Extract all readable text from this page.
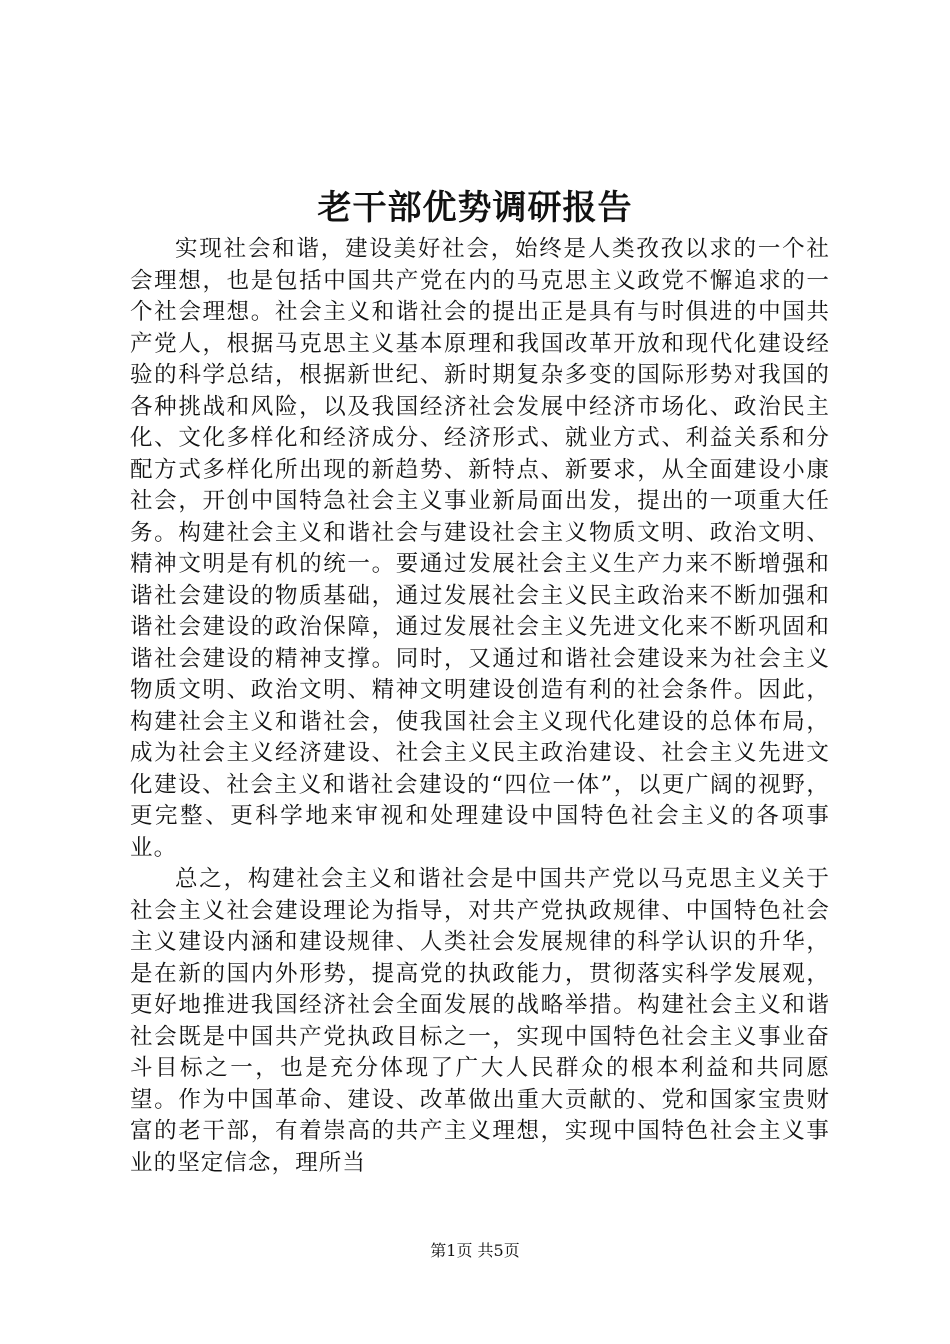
老干部优势调研报告

实现社会和谐，建设美好社会，始终是人类孜孜以求的一个社会理想，也是包括中国共产党在内的马克思主义政党不懈追求的一个社会理想。社会主义和谐社会的提出正是具有与时俱进的中国共产党人，根据马克思主义基本原理和我国改革开放和现代化建设经验的科学总结，根据新世纪、新时期复杂多变的国际形势对我国的各种挑战和风险，以及我国经济社会发展中经济市场化、政治民主化、文化多样化和经济成分、经济形式、就业方式、利益关系和分配方式多样化所出现的新趋势、新特点、新要求，从全面建设小康社会，开创中国特急社会主义事业新局面出发，提出的一项重大任务。构建社会主义和谐社会与建设社会主义物质文明、政治文明、精神文明是有机的统一。要通过发展社会主义生产力来不断增强和谐社会建设的物质基础，通过发展社会主义民主政治来不断加强和谐社会建设的政治保障，通过发展社会主义先进文化来不断巩固和谐社会建设的精神支撑。同时，又通过和谐社会建设来为社会主义物质文明、政治文明、精神文明建设创造有利的社会条件。因此，构建社会主义和谐社会，使我国社会主义现代化建设的总体布局，成为社会主义经济建设、社会主义民主政治建设、社会主义先进文化建设、社会主义和谐社会建设的“四位一体”，以更广阔的视野，更完整、更科学地来审视和处理建设中国特色社会主义的各项事业。

总之，构建社会主义和谐社会是中国共产党以马克思主义关于社会主义社会建设理论为指导，对共产党执政规律、中国特色社会主义建设内涵和建设规律、人类社会发展规律的科学认识的升华，是在新的国内外形势，提高党的执政能力，贯彻落实科学发展观，更好地推进我国经济社会全面发展的战略举措。构建社会主义和谐社会既是中国共产党执政目标之一，实现中国特色社会主义事业奋斗目标之一，也是充分体现了广大人民群众的根本利益和共同愿望。作为中国革命、建设、改革做出重大贡献的、党和国家宝贵财富的老干部，有着崇高的共产主义理想，实现中国特色社会主义事业的坚定信念，理所当

第1页 共5页
